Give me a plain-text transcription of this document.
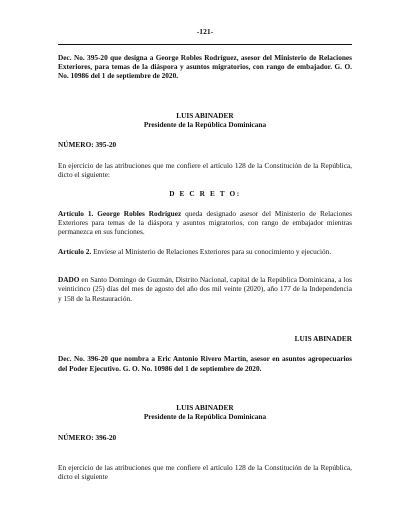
-121-

Dec. No. 395-20 que designa a George Robles Rodríguez, asesor del Ministerio de Relaciones Exteriores, para temas de la diáspora y asuntos migratorios, con rango de embajador. G. O. No. 10986 del 1 de septiembre de 2020.

LUIS ABINADER

Presidente de la República Dominicana

NÚMERO: 395-20

En ejercicio de las atribuciones que me confiere el artículo 128 de la Constitución de la República, dicto el siguiente:

D E C R E T O:

Artículo 1. George Robles Rodríguez queda designado asesor del Ministerio de Relaciones Exteriores para temas de la diáspora y asuntos migratorios, con rango de embajador mientras permanezca en sus funciones.

Artículo 2. Envíese al Ministerio de Relaciones Exteriores para su conocimiento y ejecución.

DADO en Santo Domingo de Guzmán, Distrito Nacional, capital de la República Dominicana, a los veinticinco (25) días del mes de agosto del año dos mil veinte (2020), año 177 de la Independencia y 158 de la Restauración.

LUIS ABINADER

Dec. No. 396-20 que nombra a Eric Antonio Rivero Martín, asesor en asuntos agropecuarios del Poder Ejecutivo. G. O. No. 10986 del 1 de septiembre de 2020.

LUIS ABINADER

Presidente de la República Dominicana

NÚMERO: 396-20

En ejercicio de las atribuciones que me confiere el artículo 128 de la Constitución de la República, dicto el siguiente
